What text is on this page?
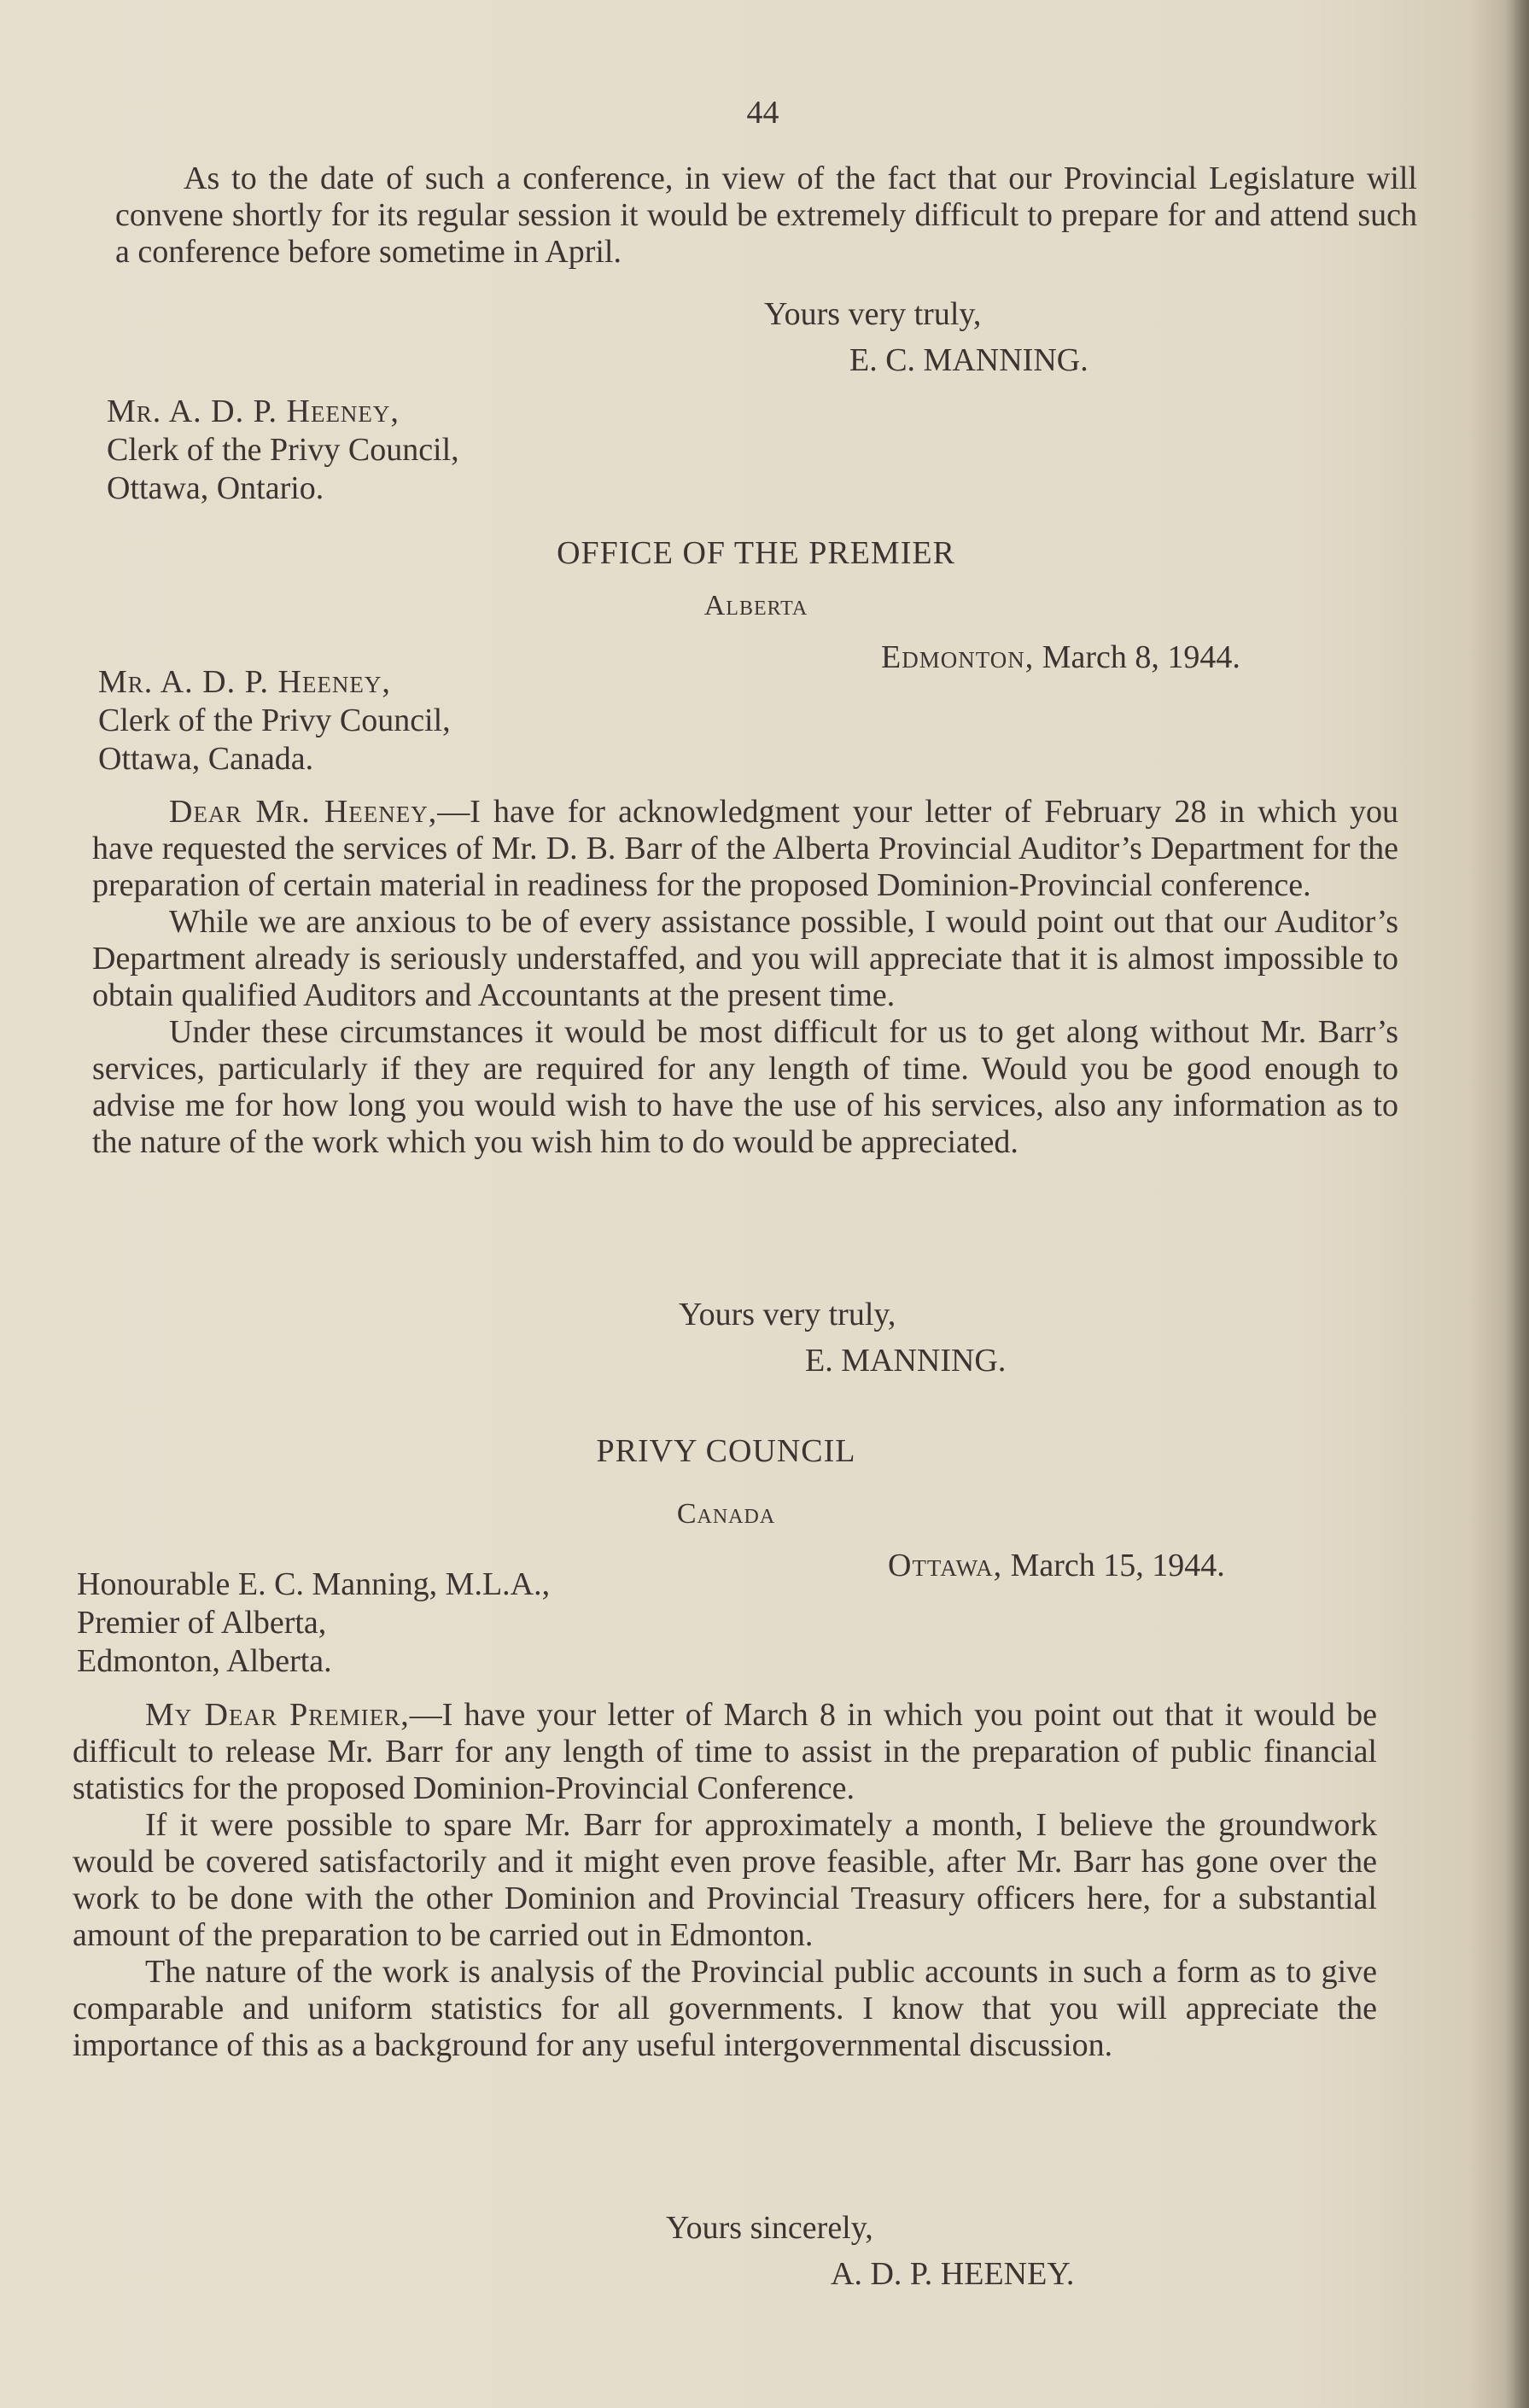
44

As to the date of such a conference, in view of the fact that our Provincial Legislature will convene shortly for its regular session it would be extremely difficult to prepare for and attend such a conference before sometime in April.

Yours very truly,
E. C. MANNING.
Mr. A. D. P. Heeney,
Clerk of the Privy Council,
Ottawa, Ontario.
OFFICE OF THE PREMIER
Alberta
Edmonton, March 8, 1944.
Mr. A. D. P. Heeney,
Clerk of the Privy Council,
Ottawa, Canada.

Dear Mr. Heeney,—I have for acknowledgment your letter of February 28 in which you have requested the services of Mr. D. B. Barr of the Alberta Provincial Auditor’s Department for the preparation of certain material in readiness for the proposed Dominion-Provincial conference.

While we are anxious to be of every assistance possible, I would point out that our Auditor’s Department already is seriously understaffed, and you will appreciate that it is almost impossible to obtain qualified Auditors and Accountants at the present time.

Under these circumstances it would be most difficult for us to get along without Mr. Barr’s services, particularly if they are required for any length of time. Would you be good enough to advise me for how long you would wish to have the use of his services, also any information as to the nature of the work which you wish him to do would be appreciated.

Yours very truly,
E. MANNING.
PRIVY COUNCIL
Canada
Ottawa, March 15, 1944.
Honourable E. C. Manning, M.L.A.,
Premier of Alberta,
Edmonton, Alberta.

My Dear Premier,—I have your letter of March 8 in which you point out that it would be difficult to release Mr. Barr for any length of time to assist in the preparation of public financial statistics for the proposed Dominion-Provincial Conference.

If it were possible to spare Mr. Barr for approximately a month, I believe the groundwork would be covered satisfactorily and it might even prove feasible, after Mr. Barr has gone over the work to be done with the other Dominion and Provincial Treasury officers here, for a substantial amount of the preparation to be carried out in Edmonton.

The nature of the work is analysis of the Provincial public accounts in such a form as to give comparable and uniform statistics for all governments. I know that you will appreciate the importance of this as a background for any useful intergovernmental discussion.

Yours sincerely,
A. D. P. HEENEY.
